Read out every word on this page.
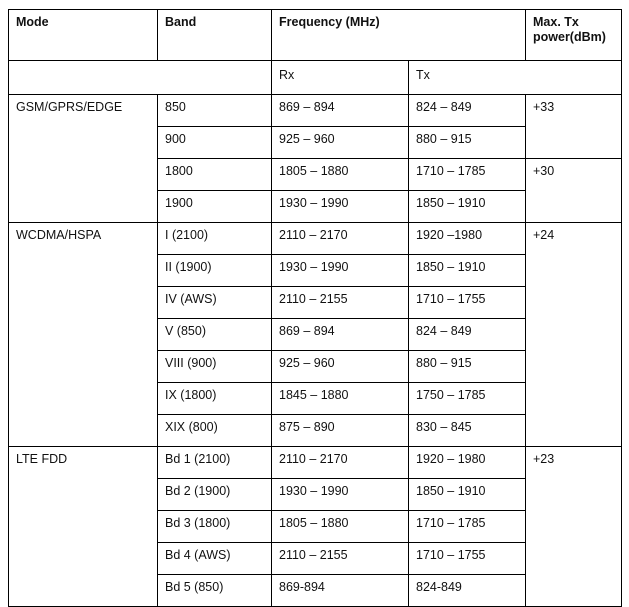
Mode	Band	Frequency (MHz)		Max. Tx
power(dBm)
		Rx	Tx	
GSM/GPRS/EDGE	850	869 – 894	824 – 849	+33
	900	925 – 960	880 – 915	
	1800	1805 – 1880	1710 – 1785	+30
	1900	1930 – 1990	1850 – 1910	
WCDMA/HSPA	I (2100)	2110 – 2170	1920 –1980	+24
	II (1900)	1930 – 1990	1850 – 1910	
	IV (AWS)	2110 – 2155	1710 – 1755	
	V (850)	869 – 894	824 – 849	
	VIII (900)	925 – 960	880 – 915	
	IX (1800)	1845 – 1880	1750 – 1785	
	XIX (800)	875 – 890	830 – 845	
LTE FDD	Bd 1 (2100)	2110 – 2170	1920 – 1980	+23
	Bd 2 (1900)	1930 – 1990	1850 – 1910	
	Bd 3 (1800)	1805 – 1880	1710 – 1785	
	Bd 4 (AWS)	2110 – 2155	1710 – 1755	
	Bd 5 (850)	869-894	824-849	
